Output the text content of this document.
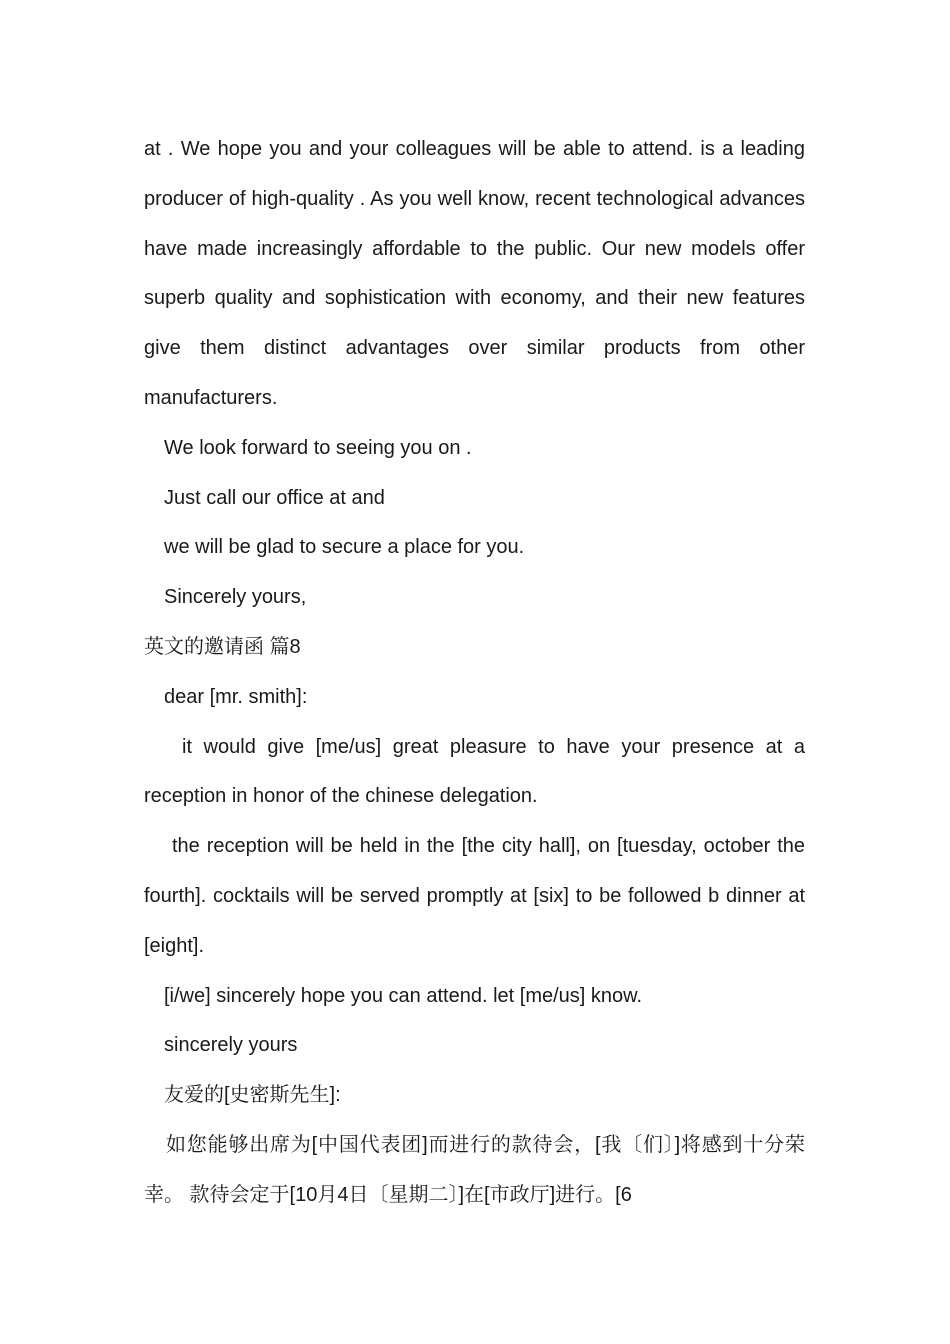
at . We hope you and your colleagues will be able to attend. is a leading producer of high-quality . As you well know, recent technological advances have made increasingly affordable to the public. Our new models offer superb quality and sophistication with economy, and their new features give them distinct advantages over similar products from other manufacturers.

We look forward to seeing you on .

Just call our office at and

we will be glad to secure a place for you.

Sincerely yours,

英文的邀请函 篇8

dear [mr. smith]:

it would give [me/us] great pleasure to have your presence at a reception in honor of the chinese delegation.

the reception will be held in the [the city hall], on [tuesday, october the fourth]. cocktails will be served promptly at [six] to be followed b dinner at [eight].

[i/we] sincerely hope you can attend. let [me/us] know.

sincerely yours

友爱的[史密斯先生]:

如您能够出席为[中国代表团]而进行的款待会，[我〔们〕]将感到十分荣幸。 款待会定于[10月4日〔星期二〕]在[市政厅]进行。[6
